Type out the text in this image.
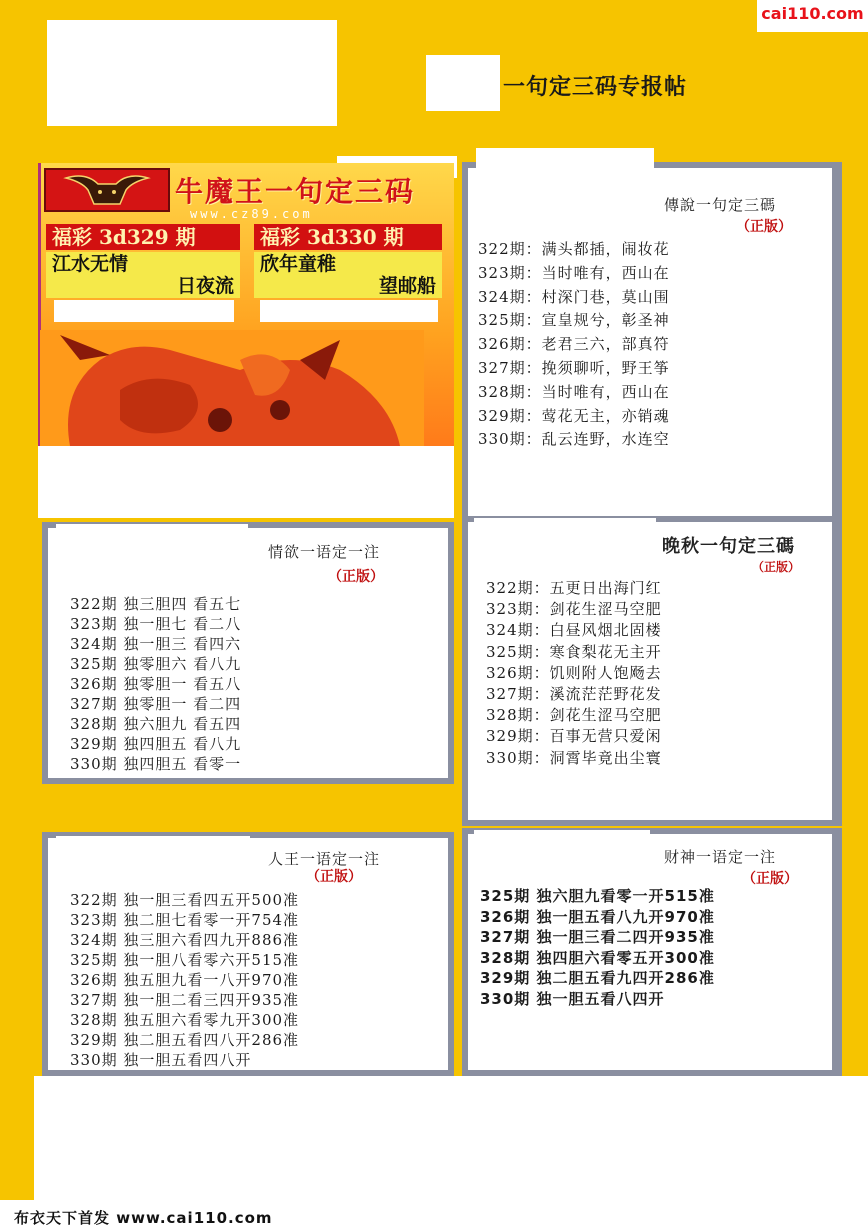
cai110.com
一句定三码专报帖
牛魔王一句定三码
www.cz89.com
福彩 3d329 期	福彩 3d330 期
江水无情
日夜流
欣年童稚
望邮船
傳說一句定三碼
（正版）
322期：满头都插，闹妆花
323期：当时唯有，西山在
324期：村深门巷，莫山围
325期：宣皇规兮，彰圣神
326期：老君三六，部真符
327期：挽须聊听，野王筝
328期：当时唯有，西山在
329期：莺花无主，亦销魂
330期：乱云连野，水连空
情欲一语定一注
（正版）
322期 独三胆四 看五七
323期 独一胆七 看二八
324期 独一胆三 看四六
325期 独零胆六 看八九
326期 独零胆一 看五八
327期 独零胆一 看二四
328期 独六胆九 看五四
329期 独四胆五 看八九
330期 独四胆五 看零一
晚秋一句定三碼
（正版）
322期：五更日出海门红
323期：剑花生涩马空肥
324期：白昼风烟北固楼
325期：寒食梨花无主开
326期：饥则附人饱飏去
327期：溪流茫茫野花发
328期：剑花生涩马空肥
329期：百事无营只爱闲
330期：洞霄毕竟出尘寰
人王一语定一注
（正版）
322期 独一胆三看四五开500准
323期 独二胆七看零一开754准
324期 独三胆六看四九开886准
325期 独一胆八看零六开515准
326期 独五胆九看一八开970准
327期 独一胆二看三四开935准
328期 独五胆六看零九开300准
329期 独二胆五看四八开286准
330期 独一胆五看四八开
财神一语定一注
（正版）
325期 独六胆九看零一开515准
326期 独一胆五看八九开970准
327期 独一胆三看二四开935准
328期 独四胆六看零五开300准
329期 独二胆五看九四开286准
330期 独一胆五看八四开
布衣天下首发 www.cai110.com
